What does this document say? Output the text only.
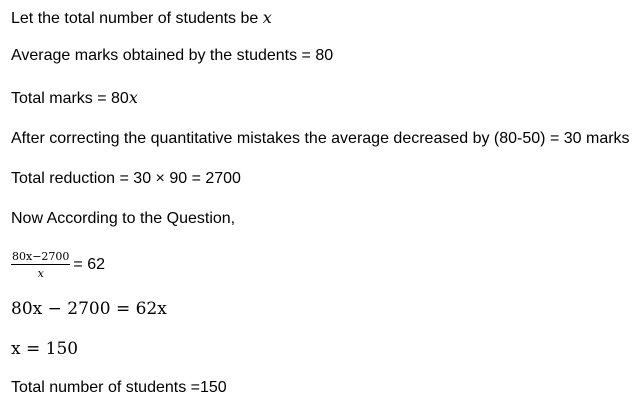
Let the total number of students be x
Average marks obtained by the students = 80
Total marks = 80x
After correcting the quantitative mistakes the average decreased by (80-50) = 30 marks
Total reduction = 30 × 90 = 2700
Now According to the Question,
$\frac{80x-2700}{x} = 62$
80x − 2700 = 62x
x = 150
Total number of students =150
